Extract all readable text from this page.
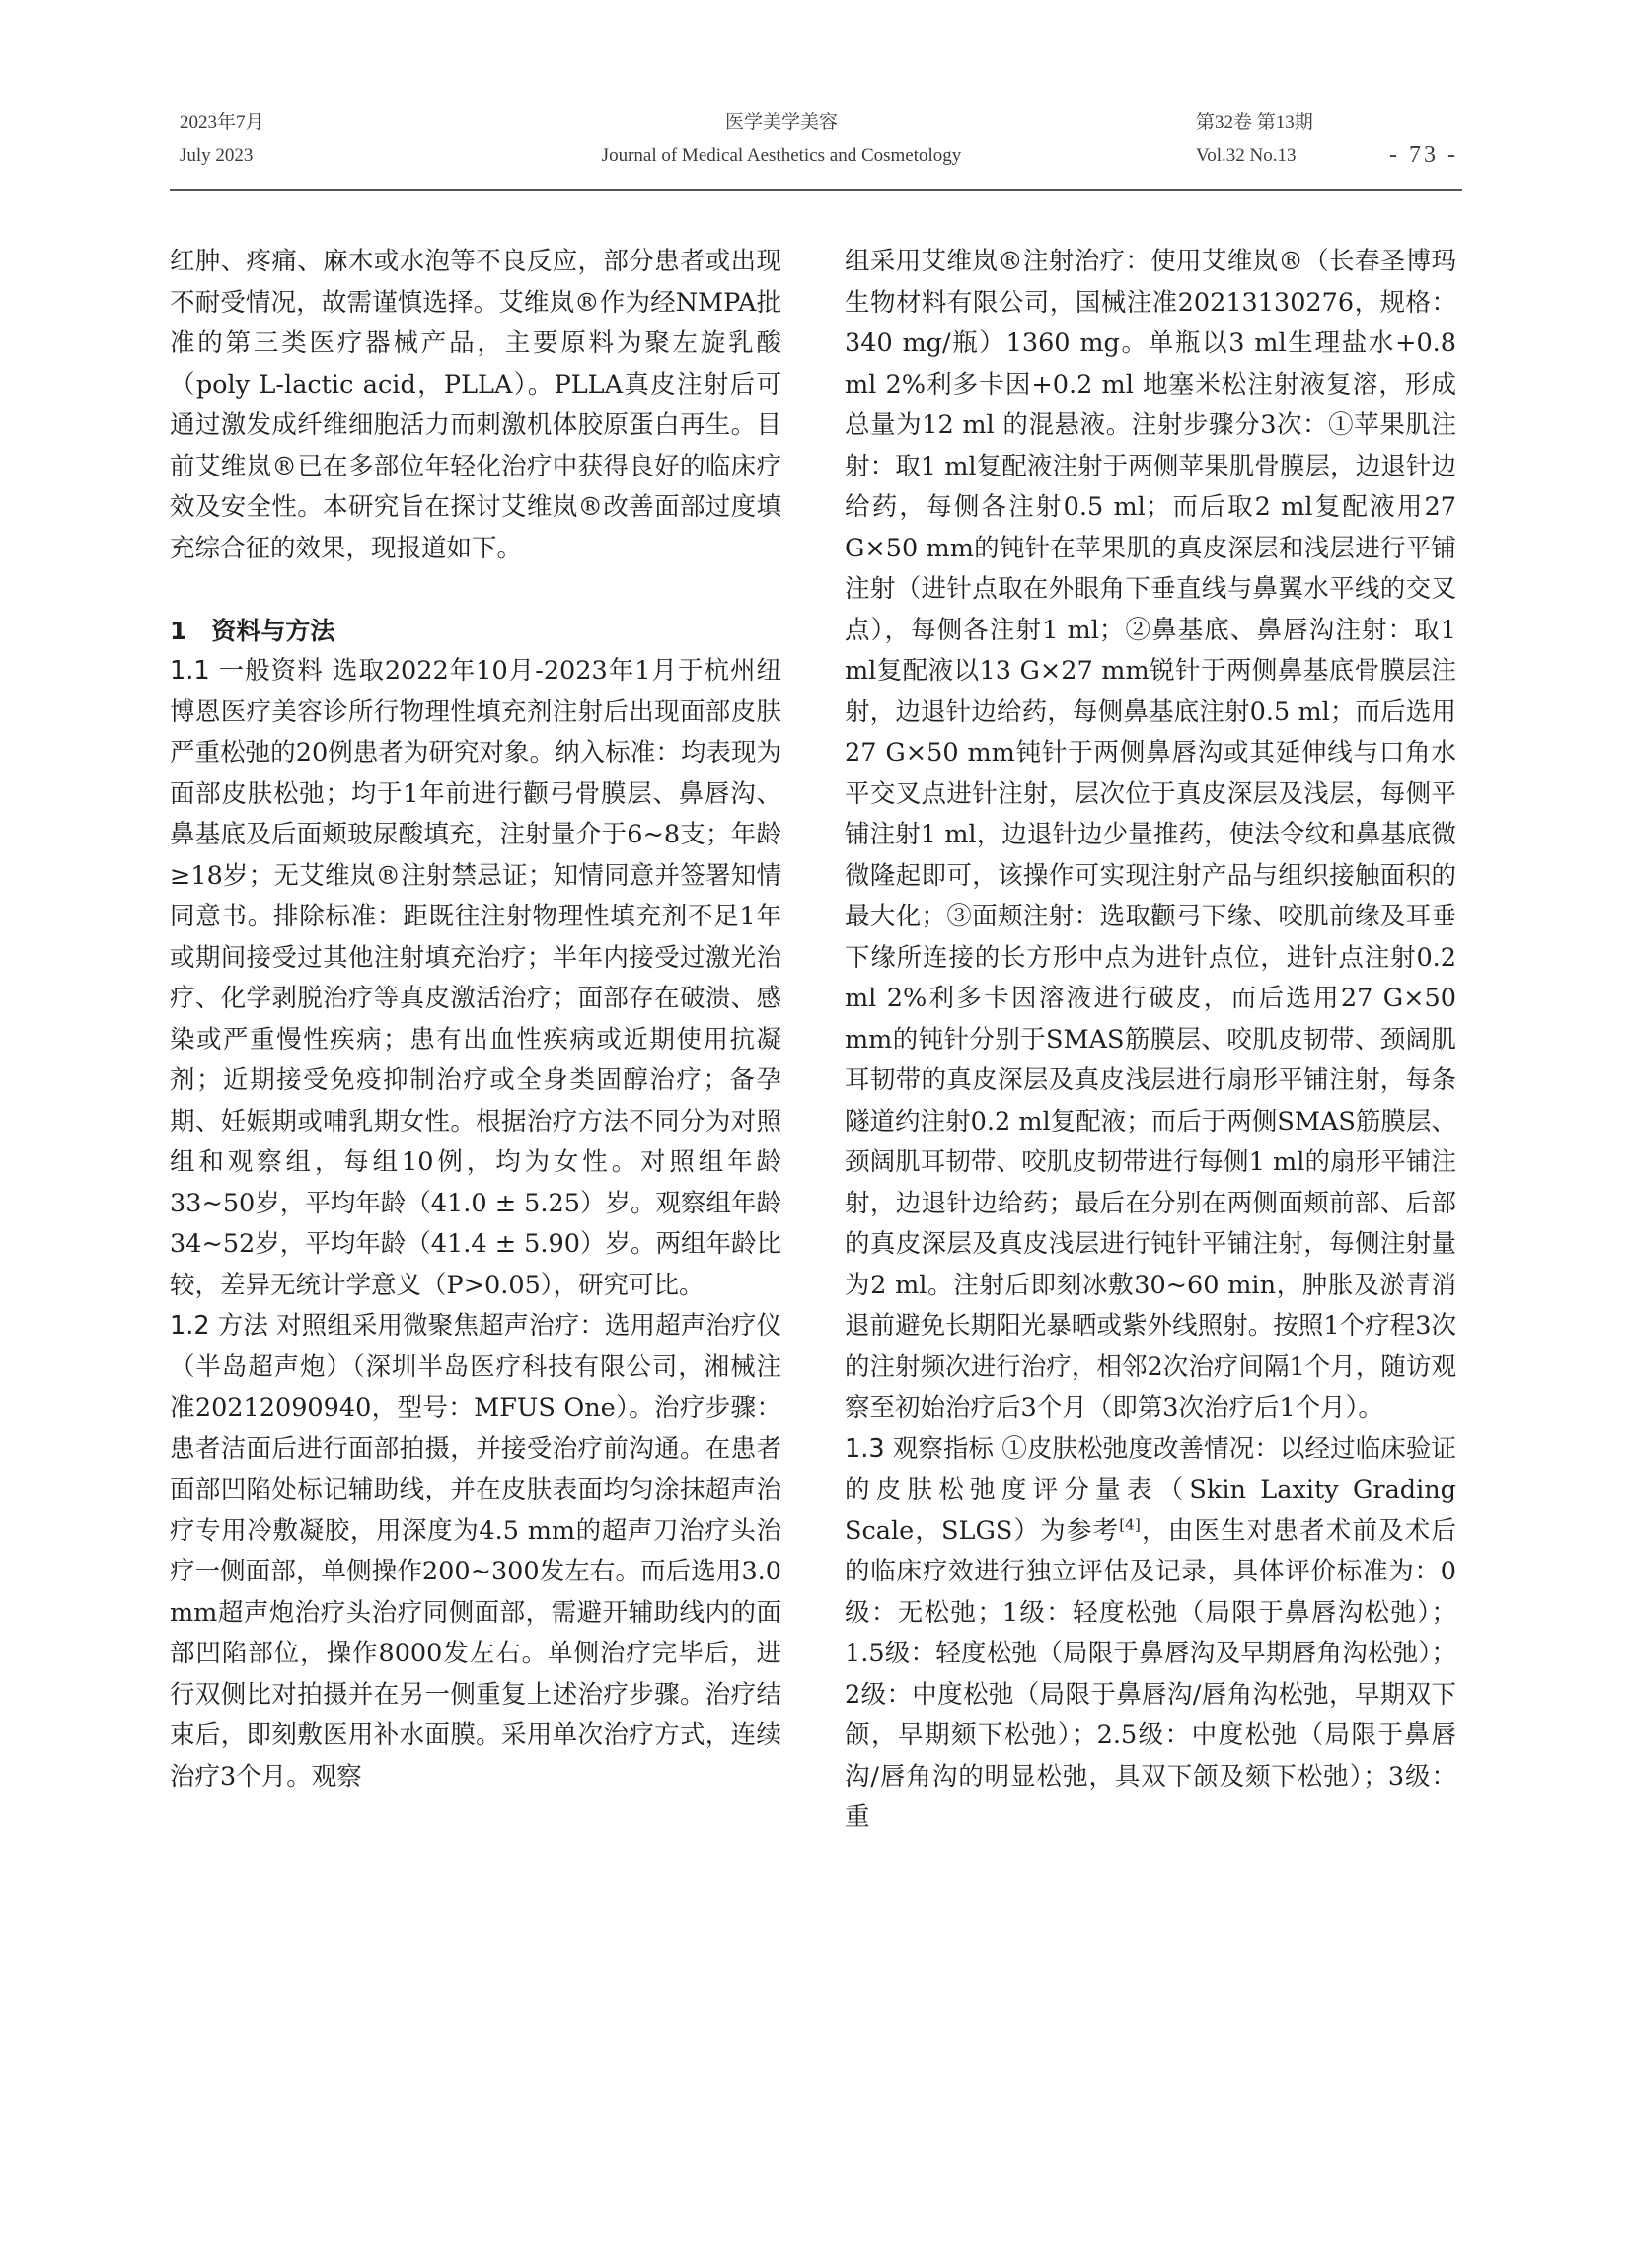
2023年7月
July 2023
医学美学美容
Journal of Medical Aesthetics and Cosmetology
第32卷 第13期
Vol.32 No.13	- 73 -

红肿、疼痛、麻木或水泡等不良反应，部分患者或出现不耐受情况，故需谨慎选择。艾维岚®作为经NMPA批准的第三类医疗器械产品，主要原料为聚左旋乳酸（poly L-lactic acid，PLLA）。PLLA真皮注射后可通过激发成纤维细胞活力而刺激机体胶原蛋白再生。目前艾维岚®已在多部位年轻化治疗中获得良好的临床疗效及安全性。本研究旨在探讨艾维岚®改善面部过度填充综合征的效果，现报道如下。

1　资料与方法

1.1 一般资料 选取2022年10月-2023年1月于杭州纽博恩医疗美容诊所行物理性填充剂注射后出现面部皮肤严重松弛的20例患者为研究对象。纳入标准：均表现为面部皮肤松弛；均于1年前进行颧弓骨膜层、鼻唇沟、鼻基底及后面颊玻尿酸填充，注射量介于6~8支；年龄≥18岁；无艾维岚®注射禁忌证；知情同意并签署知情同意书。排除标准：距既往注射物理性填充剂不足1年或期间接受过其他注射填充治疗；半年内接受过激光治疗、化学剥脱治疗等真皮激活治疗；面部存在破溃、感染或严重慢性疾病；患有出血性疾病或近期使用抗凝剂；近期接受免疫抑制治疗或全身类固醇治疗；备孕期、妊娠期或哺乳期女性。根据治疗方法不同分为对照组和观察组，每组10例，均为女性。对照组年龄33~50岁，平均年龄（41.0 ± 5.25）岁。观察组年龄34~52岁，平均年龄（41.4 ± 5.90）岁。两组年龄比较，差异无统计学意义（P>0.05），研究可比。

1.2 方法 对照组采用微聚焦超声治疗：选用超声治疗仪（半岛超声炮）（深圳半岛医疗科技有限公司，湘械注准20212090940，型号：MFUS One）。治疗步骤：患者洁面后进行面部拍摄，并接受治疗前沟通。在患者面部凹陷处标记辅助线，并在皮肤表面均匀涂抹超声治疗专用冷敷凝胶，用深度为4.5 mm的超声刀治疗头治疗一侧面部，单侧操作200~300发左右。而后选用3.0 mm超声炮治疗头治疗同侧面部，需避开辅助线内的面部凹陷部位，操作8000发左右。单侧治疗完毕后，进行双侧比对拍摄并在另一侧重复上述治疗步骤。治疗结束后，即刻敷医用补水面膜。采用单次治疗方式，连续治疗3个月。观察

组采用艾维岚®注射治疗：使用艾维岚®（长春圣博玛生物材料有限公司，国械注准20213130276，规格：340 mg/瓶）1360 mg。单瓶以3 ml生理盐水+0.8 ml 2%利多卡因+0.2 ml 地塞米松注射液复溶，形成总量为12 ml 的混悬液。注射步骤分3次：①苹果肌注射：取1 ml复配液注射于两侧苹果肌骨膜层，边退针边给药，每侧各注射0.5 ml；而后取2 ml复配液用27 G×50 mm的钝针在苹果肌的真皮深层和浅层进行平铺注射（进针点取在外眼角下垂直线与鼻翼水平线的交叉点），每侧各注射1 ml；②鼻基底、鼻唇沟注射：取1 ml复配液以13 G×27 mm锐针于两侧鼻基底骨膜层注射，边退针边给药，每侧鼻基底注射0.5 ml；而后选用27 G×50 mm钝针于两侧鼻唇沟或其延伸线与口角水平交叉点进针注射，层次位于真皮深层及浅层，每侧平铺注射1 ml，边退针边少量推药，使法令纹和鼻基底微微隆起即可，该操作可实现注射产品与组织接触面积的最大化；③面颊注射：选取颧弓下缘、咬肌前缘及耳垂下缘所连接的长方形中点为进针点位，进针点注射0.2 ml 2%利多卡因溶液进行破皮，而后选用27 G×50 mm的钝针分别于SMAS筋膜层、咬肌皮韧带、颈阔肌耳韧带的真皮深层及真皮浅层进行扇形平铺注射，每条隧道约注射0.2 ml复配液；而后于两侧SMAS筋膜层、颈阔肌耳韧带、咬肌皮韧带进行每侧1 ml的扇形平铺注射，边退针边给药；最后在分别在两侧面颊前部、后部的真皮深层及真皮浅层进行钝针平铺注射，每侧注射量为2 ml。注射后即刻冰敷30~60 min，肿胀及淤青消退前避免长期阳光暴晒或紫外线照射。按照1个疗程3次的注射频次进行治疗，相邻2次治疗间隔1个月，随访观察至初始治疗后3个月（即第3次治疗后1个月）。

1.3 观察指标 ①皮肤松弛度改善情况：以经过临床验证的皮肤松弛度评分量表（Skin Laxity Grading Scale，SLGS）为参考[4]，由医生对患者术前及术后的临床疗效进行独立评估及记录，具体评价标准为：0级：无松弛；1级：轻度松弛（局限于鼻唇沟松弛）；1.5级：轻度松弛（局限于鼻唇沟及早期唇角沟松弛）；2级：中度松弛（局限于鼻唇沟/唇角沟松弛，早期双下颌，早期颏下松弛）；2.5级：中度松弛（局限于鼻唇沟/唇角沟的明显松弛，具双下颌及颏下松弛）；3级：重
